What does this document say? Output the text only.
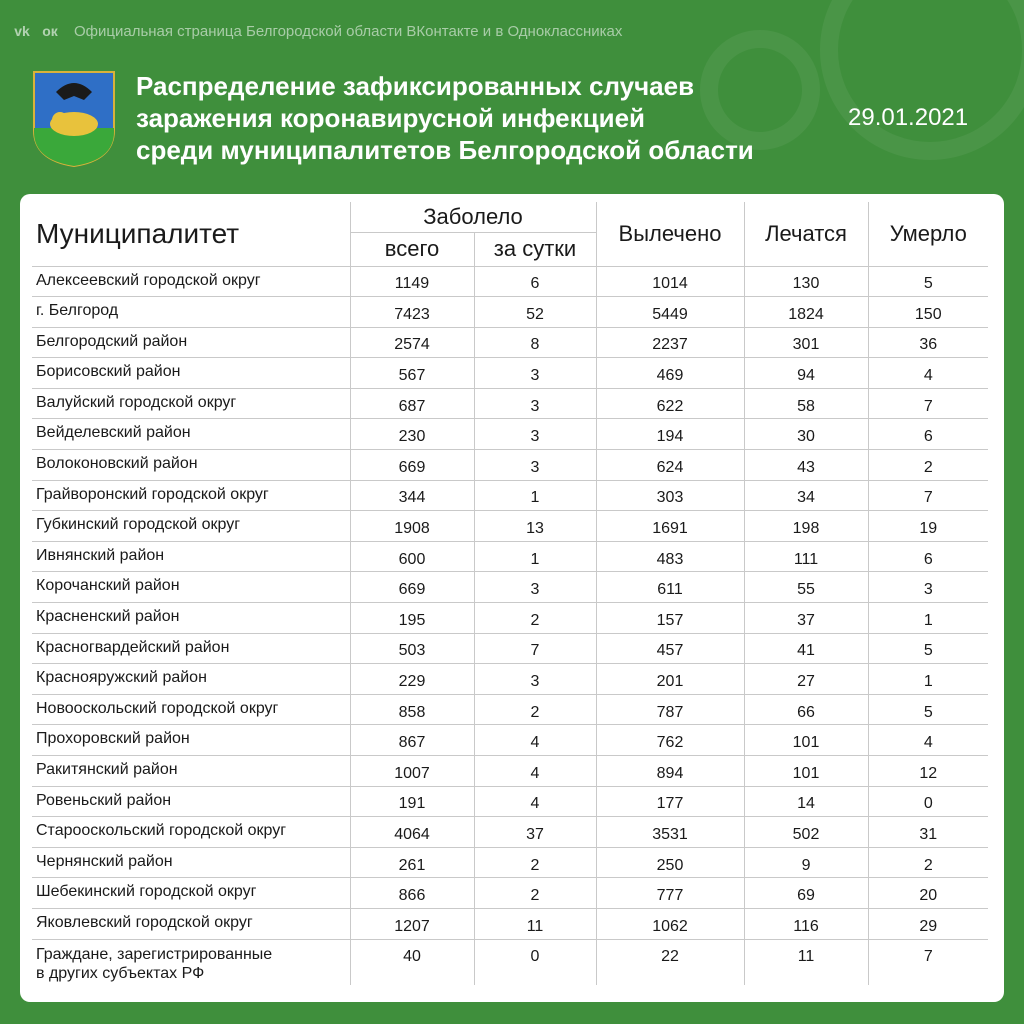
vk ок Официальная страница Белгородской области ВКонтакте и в Одноклассниках
Распределение зафиксированных случаев
заражения коронавирусной инфекцией
среди муниципалитетов Белгородской области
29.01.2021
Муниципалитет	Заболело		Вылечено	Лечатся	Умерло
	всего	за сутки			
Алексеевский городской округ	1149	6	1014	130	5
г. Белгород	7423	52	5449	1824	150
Белгородский район	2574	8	2237	301	36
Борисовский район	567	3	469	94	4
Валуйский городской округ	687	3	622	58	7
Вейделевский район	230	3	194	30	6
Волоконовский район	669	3	624	43	2
Грайворонский городской округ	344	1	303	34	7
Губкинский городской округ	1908	13	1691	198	19
Ивнянский район	600	1	483	111	6
Корочанский район	669	3	611	55	3
Красненский район	195	2	157	37	1
Красногвардейский район	503	7	457	41	5
Краснояружский район	229	3	201	27	1
Новооскольский городской округ	858	2	787	66	5
Прохоровский район	867	4	762	101	4
Ракитянский район	1007	4	894	101	12
Ровеньский район	191	4	177	14	0
Старооскольский городской округ	4064	37	3531	502	31
Чернянский район	261	2	250	9	2
Шебекинский городской округ	866	2	777	69	20
Яковлевский городской округ	1207	11	1062	116	29

Граждане, зарегистрированные
в других субъектах РФ	40	0	22	11	7
